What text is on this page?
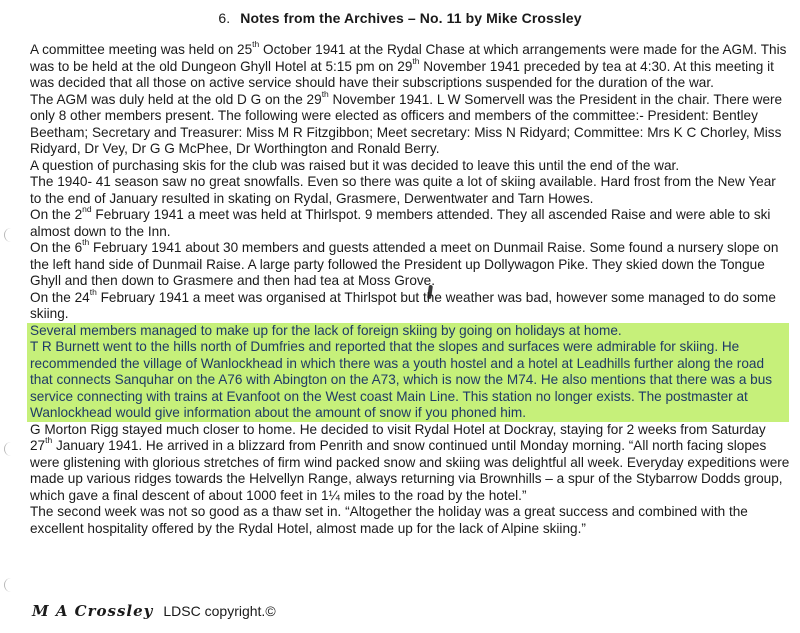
6. Notes from the Archives – No. 11 by Mike Crossley

A committee meeting was held on 25th October 1941 at the Rydal Chase at which arrangements were made for the AGM. This was to be held at the old Dungeon Ghyll Hotel at 5:15 pm on 29th November 1941 preceded by tea at 4:30. At this meeting it was decided that all those on active service should have their subscriptions suspended for the duration of the war.

The AGM was duly held at the old D G on the 29th November 1941. L W Somervell was the President in the chair. There were only 8 other members present. The following were elected as officers and members of the committee:- President: Bentley Beetham; Secretary and Treasurer: Miss M R Fitzgibbon; Meet secretary: Miss N Ridyard; Committee: Mrs K C Chorley, Miss Ridyard, Dr Vey, Dr G G McPhee, Dr Worthington and Ronald Berry.

A question of purchasing skis for the club was raised but it was decided to leave this until the end of the war.

The 1940- 41 season saw no great snowfalls. Even so there was quite a lot of skiing available. Hard frost from the New Year to the end of January resulted in skating on Rydal, Grasmere, Derwentwater and Tarn Howes.

On the 2nd February 1941 a meet was held at Thirlspot. 9 members attended. They all ascended Raise and were able to ski almost down to the Inn.

On the 6th February 1941 about 30 members and guests attended a meet on Dunmail Raise. Some found a nursery slope on the left hand side of Dunmail Raise. A large party followed the President up Dollywagon Pike. They skied down the Tongue Ghyll and then down to Grasmere and then had tea at Moss Grove.

On the 24th February 1941 a meet was organised at Thirlspot but the weather was bad, however some managed to do some skiing.

Several members managed to make up for the lack of foreign skiing by going on holidays at home.

T R Burnett went to the hills north of Dumfries and reported that the slopes and surfaces were admirable for skiing. He recommended the village of Wanlockhead in which there was a youth hostel and a hotel at Leadhills further along the road that connects Sanquhar on the A76 with Abington on the A73, which is now the M74. He also mentions that there was a bus service connecting with trains at Evanfoot on the West coast Main Line. This station no longer exists. The postmaster at Wanlockhead would give information about the amount of snow if you phoned him.

G Morton Rigg stayed much closer to home. He decided to visit Rydal Hotel at Dockray, staying for 2 weeks from Saturday 27th January 1941. He arrived in a blizzard from Penrith and snow continued until Monday morning. “All north facing slopes were glistening with glorious stretches of firm wind packed snow and skiing was delightful all week. Everyday expeditions were made up various ridges towards the Helvellyn Range, always returning via Brownhills – a spur of the Stybarrow Dodds group, which gave a final descent of about 1000 feet in 1¼ miles to the road by the hotel.”

The second week was not so good as a thaw set in. “Altogether the holiday was a great success and combined with the excellent hospitality offered by the Rydal Hotel, almost made up for the lack of Alpine skiing.”

M A Crossley LDSC copyright.©
